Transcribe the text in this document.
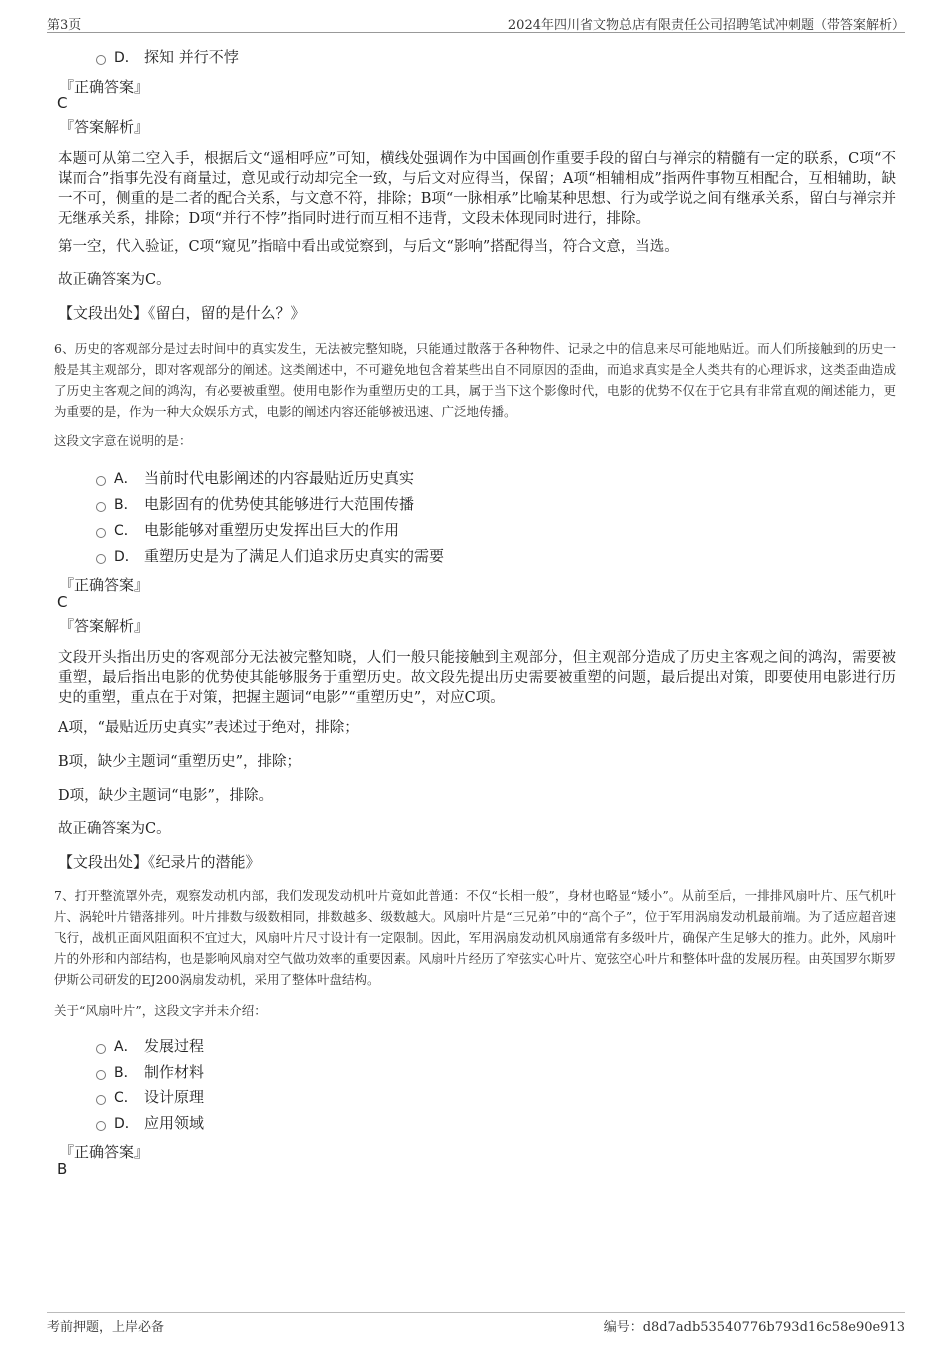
第3页	2024年四川省文物总店有限责任公司招聘笔试冲刺题（带答案解析）
D． 探知 并行不悖
『正确答案』
C
『答案解析』
本题可从第二空入手，根据后文“遥相呼应”可知，横线处强调作为中国画创作重要手段的留白与禅宗的精髓有一定的联系，C项“不谋而合”指事先没有商量过，意见或行动却完全一致，与后文对应得当，保留；A项“相辅相成”指两件事物互相配合，互相辅助，缺一不可，侧重的是二者的配合关系，与文意不符，排除；B项“一脉相承”比喻某种思想、行为或学说之间有继承关系，留白与禅宗并无继承关系，排除；D项“并行不悖”指同时进行而互相不违背，文段未体现同时进行，排除。
第一空，代入验证，C项“窥见”指暗中看出或觉察到，与后文“影响”搭配得当，符合文意，当选。
故正确答案为C。
【文段出处】《留白，留的是什么？》
6、历史的客观部分是过去时间中的真实发生，无法被完整知晓，只能通过散落于各种物件、记录之中的信息来尽可能地贴近。而人们所接触到的历史一般是其主观部分，即对客观部分的阐述。这类阐述中，不可避免地包含着某些出自不同原因的歪曲，而追求真实是全人类共有的心理诉求，这类歪曲造成了历史主客观之间的鸿沟，有必要被重塑。使用电影作为重塑历史的工具，属于当下这个影像时代，电影的优势不仅在于它具有非常直观的阐述能力，更为重要的是，作为一种大众娱乐方式，电影的阐述内容还能够被迅速、广泛地传播。
这段文字意在说明的是：
A． 当前时代电影阐述的内容最贴近历史真实
B． 电影固有的优势使其能够进行大范围传播
C． 电影能够对重塑历史发挥出巨大的作用
D． 重塑历史是为了满足人们追求历史真实的需要
『正确答案』
C
『答案解析』
文段开头指出历史的客观部分无法被完整知晓，人们一般只能接触到主观部分，但主观部分造成了历史主客观之间的鸿沟，需要被重塑，最后指出电影的优势使其能够服务于重塑历史。故文段先提出历史需要被重塑的问题，最后提出对策，即要使用电影进行历史的重塑，重点在于对策，把握主题词“电影”“重塑历史”，对应C项。
A项，“最贴近历史真实”表述过于绝对，排除；
B项，缺少主题词“重塑历史”，排除；
D项，缺少主题词“电影”，排除。
故正确答案为C。
【文段出处】《纪录片的潜能》
7、打开整流罩外壳，观察发动机内部，我们发现发动机叶片竟如此普通：不仅“长相一般”，身材也略显“矮小”。从前至后，一排排风扇叶片、压气机叶片、涡轮叶片错落排列。叶片排数与级数相同，排数越多、级数越大。风扇叶片是“三兄弟”中的“高个子”，位于军用涡扇发动机最前端。为了适应超音速飞行，战机正面风阻面积不宜过大，风扇叶片尺寸设计有一定限制。因此，军用涡扇发动机风扇通常有多级叶片，确保产生足够大的推力。此外，风扇叶片的外形和内部结构，也是影响风扇对空气做功效率的重要因素。风扇叶片经历了窄弦实心叶片、宽弦空心叶片和整体叶盘的发展历程。由英国罗尔斯罗伊斯公司研发的EJ200涡扇发动机，采用了整体叶盘结构。
关于“风扇叶片”，这段文字并未介绍：
A． 发展过程
B． 制作材料
C． 设计原理
D． 应用领域
『正确答案』
B
考前押题，上岸必备	编号：d8d7adb53540776b793d16c58e90e913
